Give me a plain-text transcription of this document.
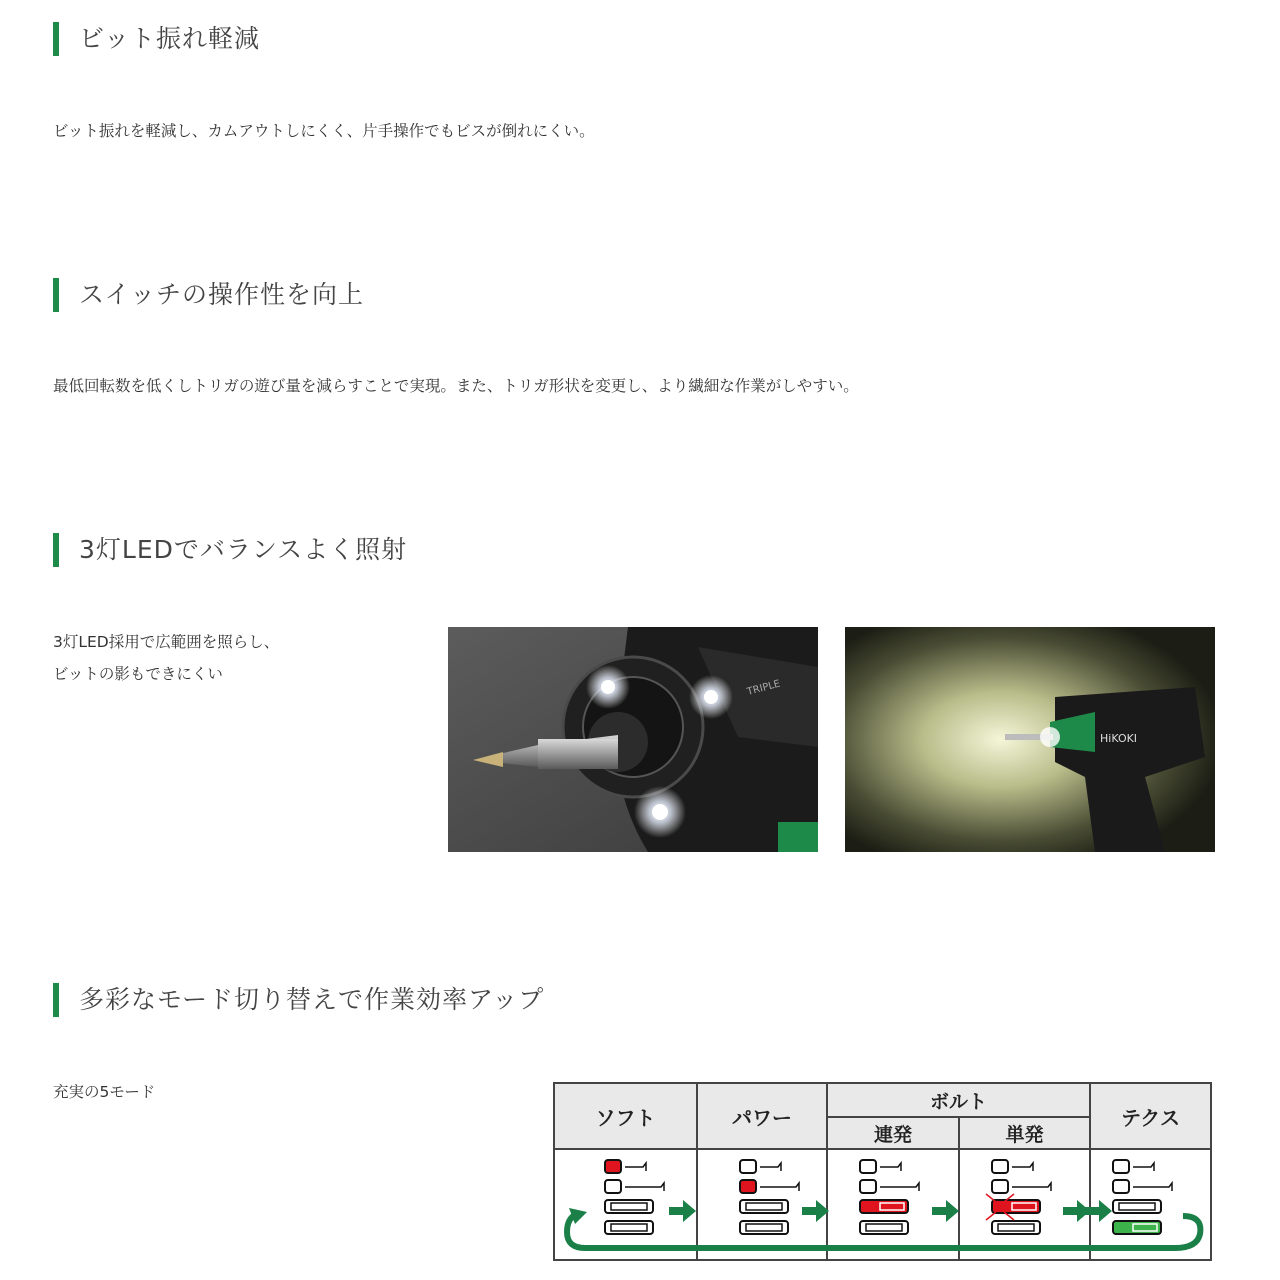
ビット振れ軽減
ビット振れを軽減し、カムアウトしにくく、片手操作でもビスが倒れにくい。
スイッチの操作性を向上
最低回転数を低くしトリガの遊び量を減らすことで実現。また、トリガ形状を変更し、より繊細な作業がしやすい。
3灯LEDでバランスよく照射
3灯LED採用で広範囲を照らし、
ビットの影もできにくい
TRIPLE
HiKOKI
多彩なモード切り替えで作業効率アップ
充実の5モード
ソフト	パワー
ボルト
連発	単発
テクス
